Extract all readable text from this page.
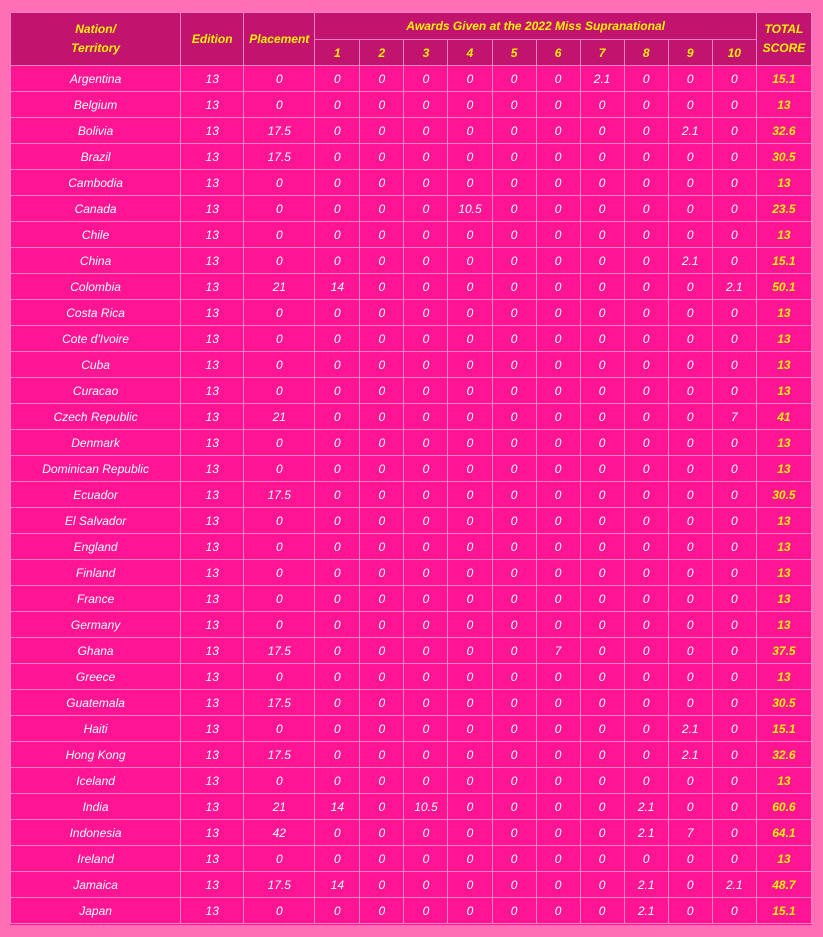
Nation/
Territory	Edition	Placement	Awards Given at the 2022 Miss Supranational										TOTAL
SCORE
			1	2	3	4	5	6	7	8	9	10	
Argentina	13	0	0	0	0	0	0	0	2.1	0	0	0	15.1
Belgium	13	0	0	0	0	0	0	0	0	0	0	0	13
Bolivia	13	17.5	0	0	0	0	0	0	0	0	2.1	0	32.6
Brazil	13	17.5	0	0	0	0	0	0	0	0	0	0	30.5
Cambodia	13	0	0	0	0	0	0	0	0	0	0	0	13
Canada	13	0	0	0	0	10.5	0	0	0	0	0	0	23.5
Chile	13	0	0	0	0	0	0	0	0	0	0	0	13
China	13	0	0	0	0	0	0	0	0	0	2.1	0	15.1
Colombia	13	21	14	0	0	0	0	0	0	0	0	2.1	50.1
Costa Rica	13	0	0	0	0	0	0	0	0	0	0	0	13
Cote d'Ivoire	13	0	0	0	0	0	0	0	0	0	0	0	13
Cuba	13	0	0	0	0	0	0	0	0	0	0	0	13
Curacao	13	0	0	0	0	0	0	0	0	0	0	0	13
Czech Republic	13	21	0	0	0	0	0	0	0	0	0	7	41
Denmark	13	0	0	0	0	0	0	0	0	0	0	0	13
Dominican Republic	13	0	0	0	0	0	0	0	0	0	0	0	13
Ecuador	13	17.5	0	0	0	0	0	0	0	0	0	0	30.5
El Salvador	13	0	0	0	0	0	0	0	0	0	0	0	13
England	13	0	0	0	0	0	0	0	0	0	0	0	13
Finland	13	0	0	0	0	0	0	0	0	0	0	0	13
France	13	0	0	0	0	0	0	0	0	0	0	0	13
Germany	13	0	0	0	0	0	0	0	0	0	0	0	13
Ghana	13	17.5	0	0	0	0	0	7	0	0	0	0	37.5
Greece	13	0	0	0	0	0	0	0	0	0	0	0	13
Guatemala	13	17.5	0	0	0	0	0	0	0	0	0	0	30.5
Haiti	13	0	0	0	0	0	0	0	0	0	2.1	0	15.1
Hong Kong	13	17.5	0	0	0	0	0	0	0	0	2.1	0	32.6
Iceland	13	0	0	0	0	0	0	0	0	0	0	0	13
India	13	21	14	0	10.5	0	0	0	0	2.1	0	0	60.6
Indonesia	13	42	0	0	0	0	0	0	0	2.1	7	0	64.1
Ireland	13	0	0	0	0	0	0	0	0	0	0	0	13
Jamaica	13	17.5	14	0	0	0	0	0	0	2.1	0	2.1	48.7
Japan	13	0	0	0	0	0	0	0	0	2.1	0	0	15.1
